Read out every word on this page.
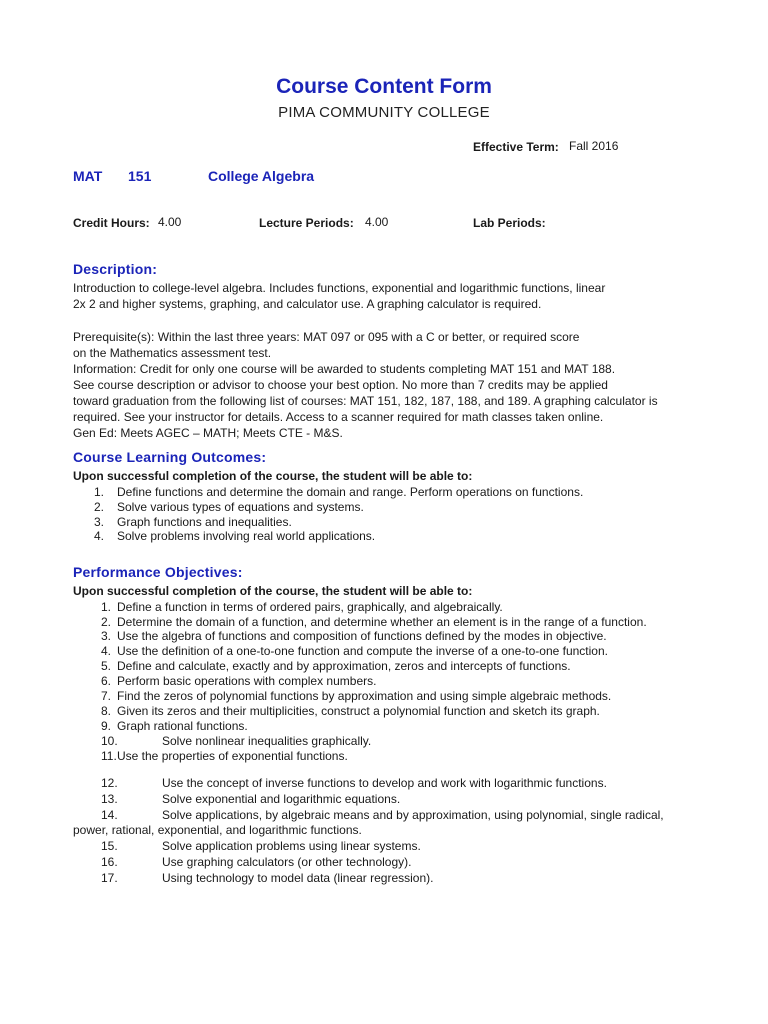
Course Content Form
PIMA COMMUNITY COLLEGE
Effective Term: Fall 2016
MAT 151	College Algebra
Credit Hours: 4.00	Lecture Periods: 4.00	Lab Periods:
Description:
Introduction to college-level algebra. Includes functions, exponential and logarithmic functions, linear
2x 2 and higher systems, graphing, and calculator use. A graphing calculator is required.
Prerequisite(s): Within the last three years: MAT 097 or 095 with a C or better, or required score
on the Mathematics assessment test.
Information: Credit for only one course will be awarded to students completing MAT 151 and MAT 188.
See course description or advisor to choose your best option. No more than 7 credits may be applied
toward graduation from the following list of courses: MAT 151, 182, 187, 188, and 189. A graphing calculator is
required. See your instructor for details. Access to a scanner required for math classes taken online.
Gen Ed: Meets AGEC – MATH; Meets CTE - M&S.
Course Learning Outcomes:
Upon successful completion of the course, the student will be able to:
1. Define functions and determine the domain and range. Perform operations on functions.
2. Solve various types of equations and systems.
3. Graph functions and inequalities.
4. Solve problems involving real world applications.
Performance Objectives:
Upon successful completion of the course, the student will be able to:
1. Define a function in terms of ordered pairs, graphically, and algebraically.
2. Determine the domain of a function, and determine whether an element is in the range of a function.
3. Use the algebra of functions and composition of functions defined by the modes in objective.
4. Use the definition of a one-to-one function and compute the inverse of a one-to-one function.
5. Define and calculate, exactly and by approximation, zeros and intercepts of functions.
6. Perform basic operations with complex numbers.
7. Find the zeros of polynomial functions by approximation and using simple algebraic methods.
8. Given its zeros and their multiplicities, construct a polynomial function and sketch its graph.
9. Graph rational functions.
10.	Solve nonlinear inequalities graphically.
11. Use the properties of exponential functions.
12.	Use the concept of inverse functions to develop and work with logarithmic functions.
13.	Solve exponential and logarithmic equations.
14.	Solve applications, by algebraic means and by approximation, using polynomial, single radical,
power, rational, exponential, and logarithmic functions.
15.	Solve application problems using linear systems.
16.	Use graphing calculators (or other technology).
17.	Using technology to model data (linear regression).
